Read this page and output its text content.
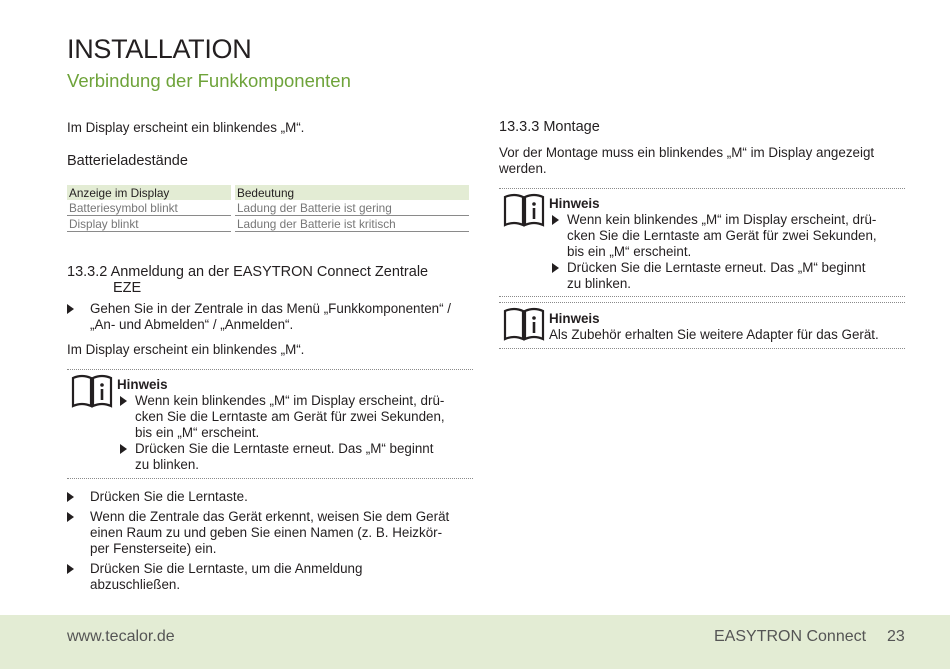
INSTALLATION
Verbindung der Funkkomponenten
Im Display erscheint ein blinkendes „M“.
Batterieladestände
Anzeige im Display		Bedeutung
Batteriesymbol blinkt		Ladung der Batterie ist gering
Display blinkt		Ladung der Batterie ist kritisch
13.3.2 Anmeldung an der EASYTRON Connect Zentrale
EZE
Gehen Sie in der Zentrale in das Menü „Funkkomponenten“ /
„An- und Abmelden“ / „Anmelden“.
Im Display erscheint ein blinkendes „M“.
Hinweis
Wenn kein blinkendes „M“ im Display erscheint, drü-
cken Sie die Lerntaste am Gerät für zwei Sekunden,
bis ein „M“ erscheint.
Drücken Sie die Lerntaste erneut. Das „M“ beginnt
zu blinken.
Drücken Sie die Lerntaste.
Wenn die Zentrale das Gerät erkennt, weisen Sie dem Gerät
einen Raum zu und geben Sie einen Namen (z. B. Heizkör-
per Fensterseite) ein.
Drücken Sie die Lerntaste, um die Anmeldung
abzuschließen.
13.3.3 Montage
Vor der Montage muss ein blinkendes „M“ im Display angezeigt
werden.
Hinweis
Wenn kein blinkendes „M“ im Display erscheint, drü-
cken Sie die Lerntaste am Gerät für zwei Sekunden,
bis ein „M“ erscheint.
Drücken Sie die Lerntaste erneut. Das „M“ beginnt
zu blinken.
Hinweis
Als Zubehör erhalten Sie weitere Adapter für das Gerät.
www.tecalor.de	EASYTRON Connect 23
